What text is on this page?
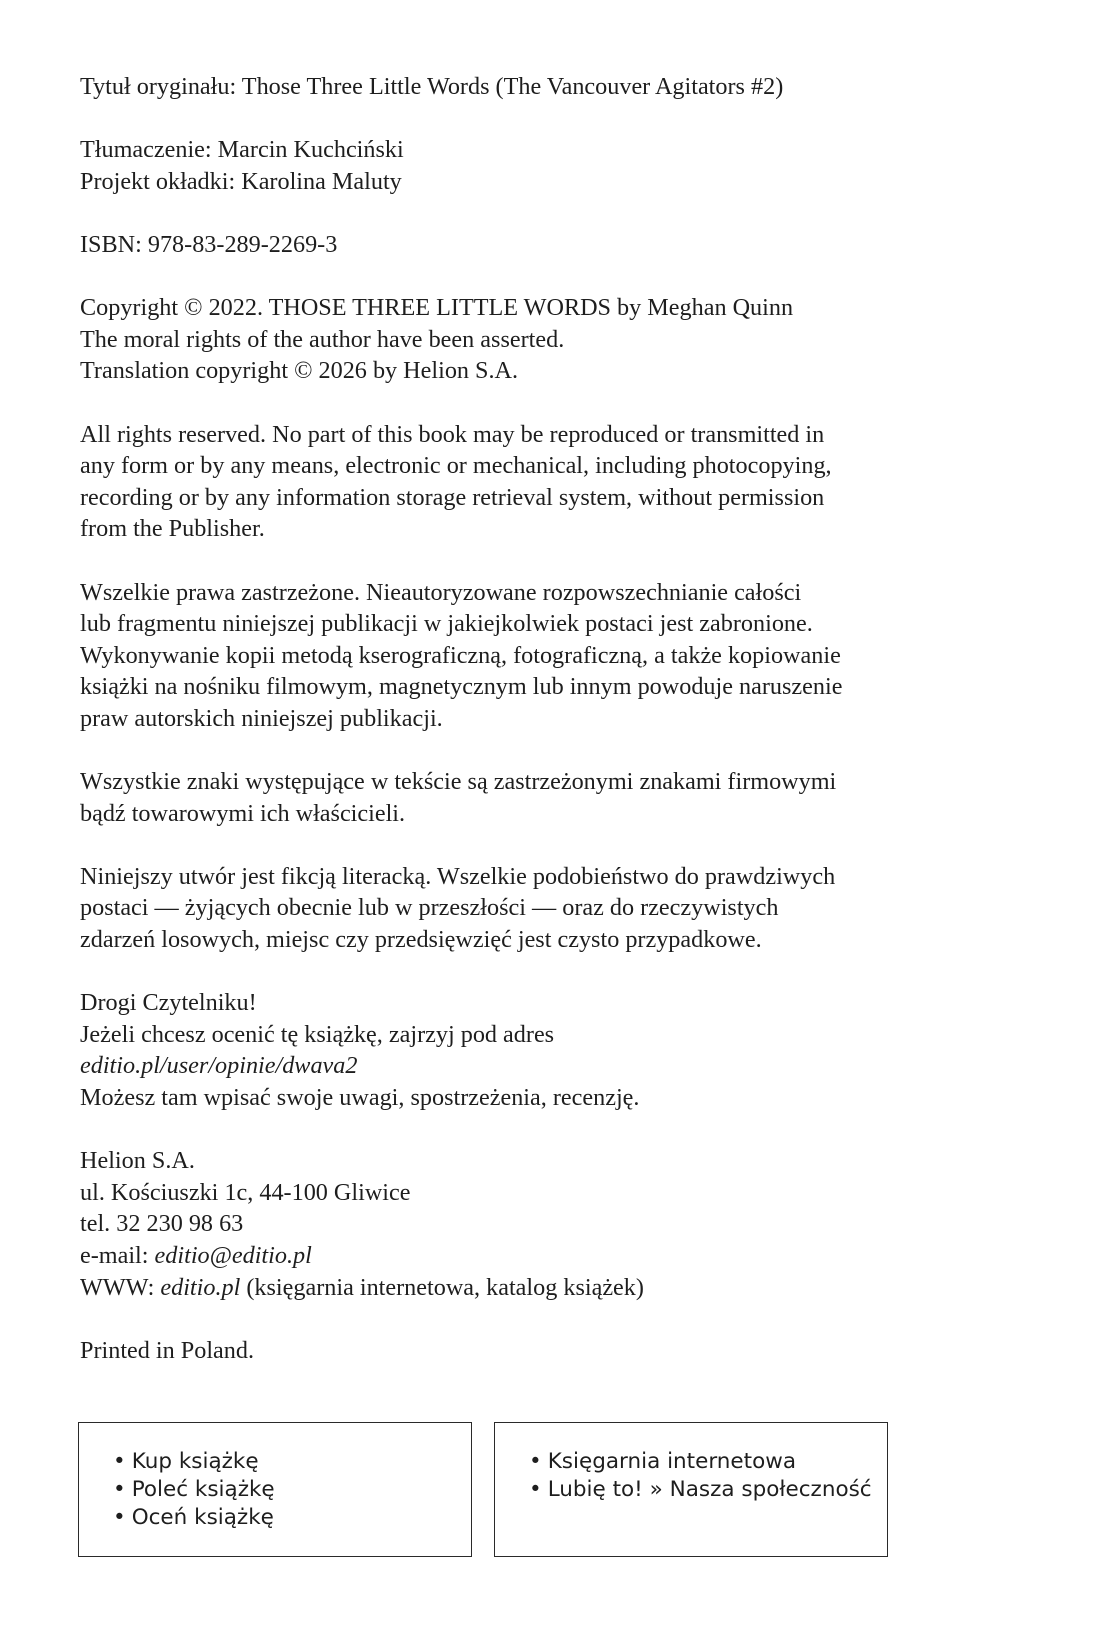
Tytuł oryginału: Those Three Little Words (The Vancouver Agitators #2)

Tłumaczenie: Marcin Kuchciński
Projekt okładki: Karolina Maluty

ISBN: 978-83-289-2269-3

Copyright © 2022. THOSE THREE LITTLE WORDS by Meghan Quinn
The moral rights of the author have been asserted.
Translation copyright © 2026 by Helion S.A.

All rights reserved. No part of this book may be reproduced or transmitted in
any form or by any means, electronic or mechanical, including photocopying,
recording or by any information storage retrieval system, without permission
from the Publisher.

Wszelkie prawa zastrzeżone. Nieautoryzowane rozpowszechnianie całości
lub fragmentu niniejszej publikacji w jakiejkolwiek postaci jest zabronione.
Wykonywanie kopii metodą kserograficzną, fotograficzną, a także kopiowanie
książki na nośniku filmowym, magnetycznym lub innym powoduje naruszenie
praw autorskich niniejszej publikacji.

Wszystkie znaki występujące w tekście są zastrzeżonymi znakami firmowymi
bądź towarowymi ich właścicieli.

Niniejszy utwór jest fikcją literacką. Wszelkie podobieństwo do prawdziwych
postaci — żyjących obecnie lub w przeszłości — oraz do rzeczywistych
zdarzeń losowych, miejsc czy przedsięwzięć jest czysto przypadkowe.

Drogi Czytelniku!
Jeżeli chcesz ocenić tę książkę, zajrzyj pod adres
editio.pl/user/opinie/dwava2
Możesz tam wpisać swoje uwagi, spostrzeżenia, recenzję.

Helion S.A.
ul. Kościuszki 1c, 44-100 Gliwice
tel. 32 230 98 63
e-mail: editio@editio.pl
WWW: editio.pl (księgarnia internetowa, katalog książek)

Printed in Poland.

• Kup książkę
• Poleć książkę
• Oceń książkę
• Księgarnia internetowa
• Lubię to! » Nasza społeczność
